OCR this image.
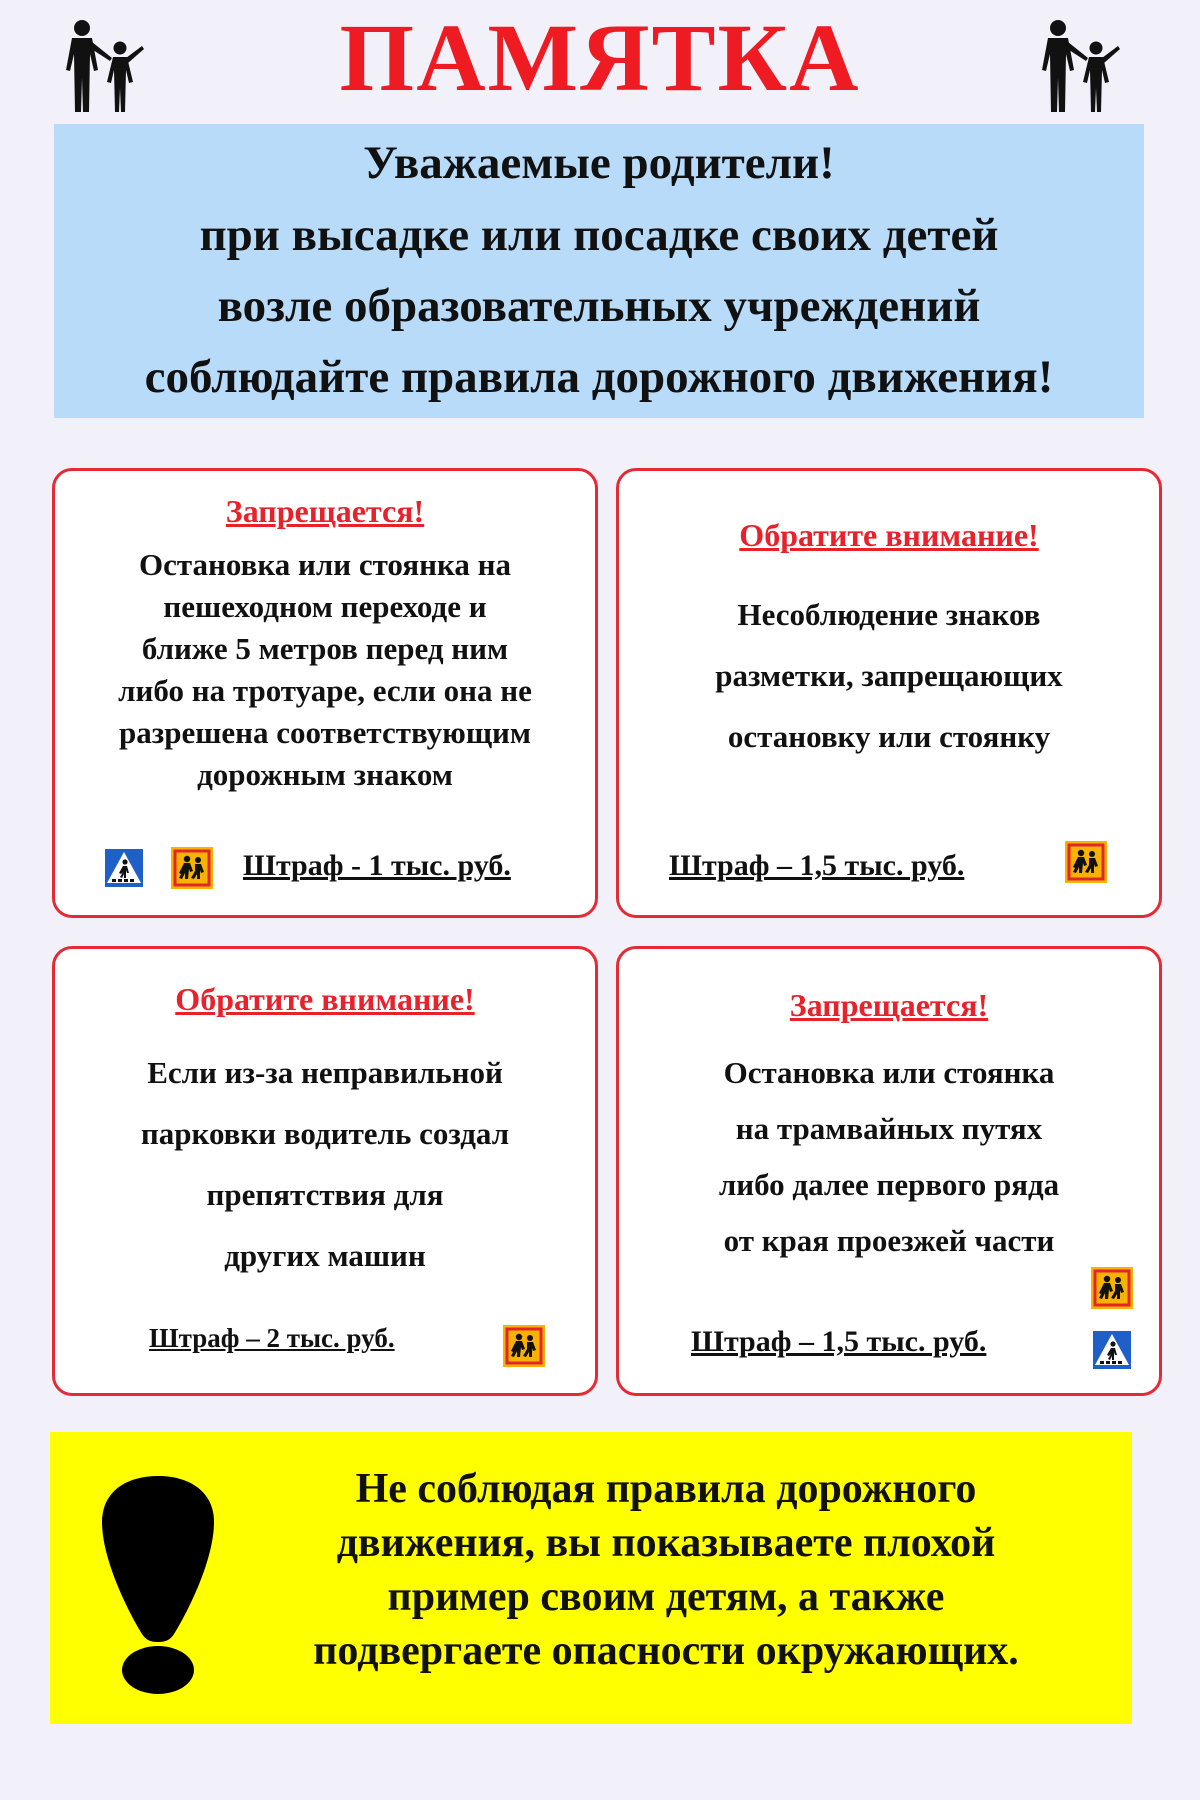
ПАМЯТКА
Уважаемые родители!
при высадке или посадке своих детей
возле образовательных учреждений
соблюдайте правила дорожного движения!
Запрещается!
Остановка или стоянка на
пешеходном переходе и
ближе 5 метров перед ним
либо на тротуаре, если она не
разрешена соответствующим
дорожным знаком
Штраф - 1 тыс. руб.
Обратите внимание!
Несоблюдение знаков
разметки, запрещающих
остановку или стоянку
Штраф – 1,5 тыс. руб.
Обратите внимание!
Если из-за неправильной
парковки водитель создал
препятствия для
других машин
Штраф – 2 тыс. руб.
Запрещается!
Остановка или стоянка
на трамвайных путях
либо далее первого ряда
от края проезжей части
Штраф – 1,5 тыс. руб.
Не соблюдая правила дорожного
движения, вы показываете плохой
пример своим детям, а также
подвергаете опасности окружающих.
